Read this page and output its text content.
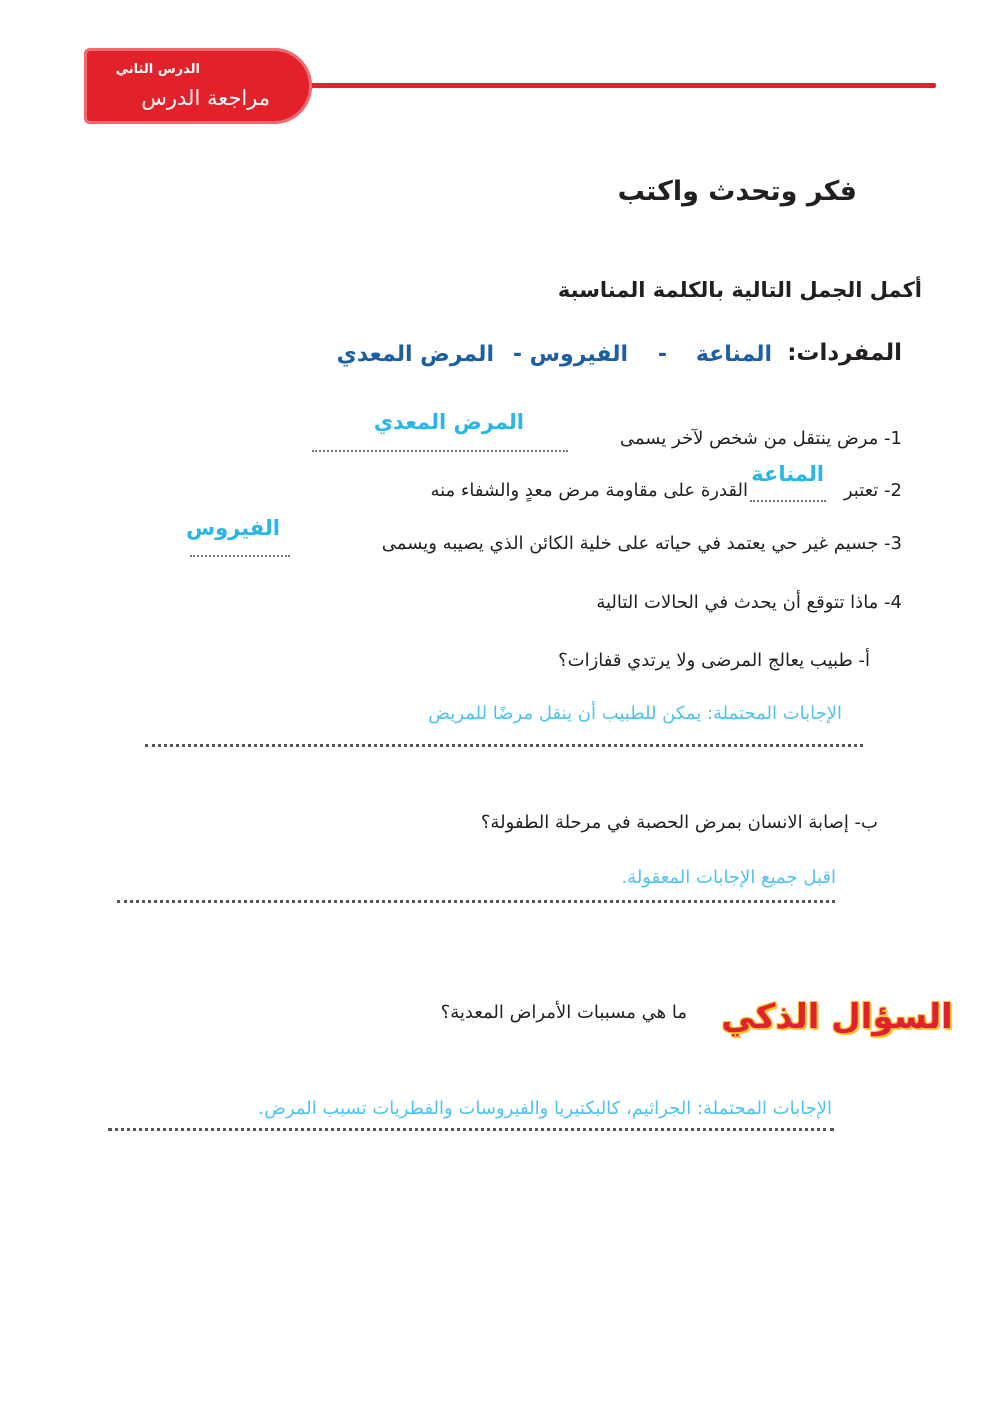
الدرس الثاني
مراجعة الدرس
فكر وتحدث واكتب
أكمل الجمل التالية بالكلمة المناسبة
المفردات:
المناعة
-
الفيروس
-
المرض المعدي
1- مرض ينتقل من شخص لآخر يسمى
المرض المعدي
2- تعتبر
المناعة
القدرة على مقاومة مرض معدٍ والشفاء منه
3- جسيم غير حي يعتمد في حياته على خلية الكائن الذي يصيبه ويسمى
الفيروس
4- ماذا تتوقع أن يحدث في الحالات التالية
أ- طبيب يعالج المرضى ولا يرتدي قفازات؟
الإجابات المحتملة: يمكن للطبيب أن ينقل مرضًا للمريض
ب- إصابة الانسان بمرض الحصبة في مرحلة الطفولة؟
اقبل جميع الإجابات المعقولة.
السؤال الذكي
ما هي مسببات الأمراض المعدية؟
الإجابات المحتملة: الجراثيم، كالبكتيريا والفيروسات والفطريات تسبب المرض.
